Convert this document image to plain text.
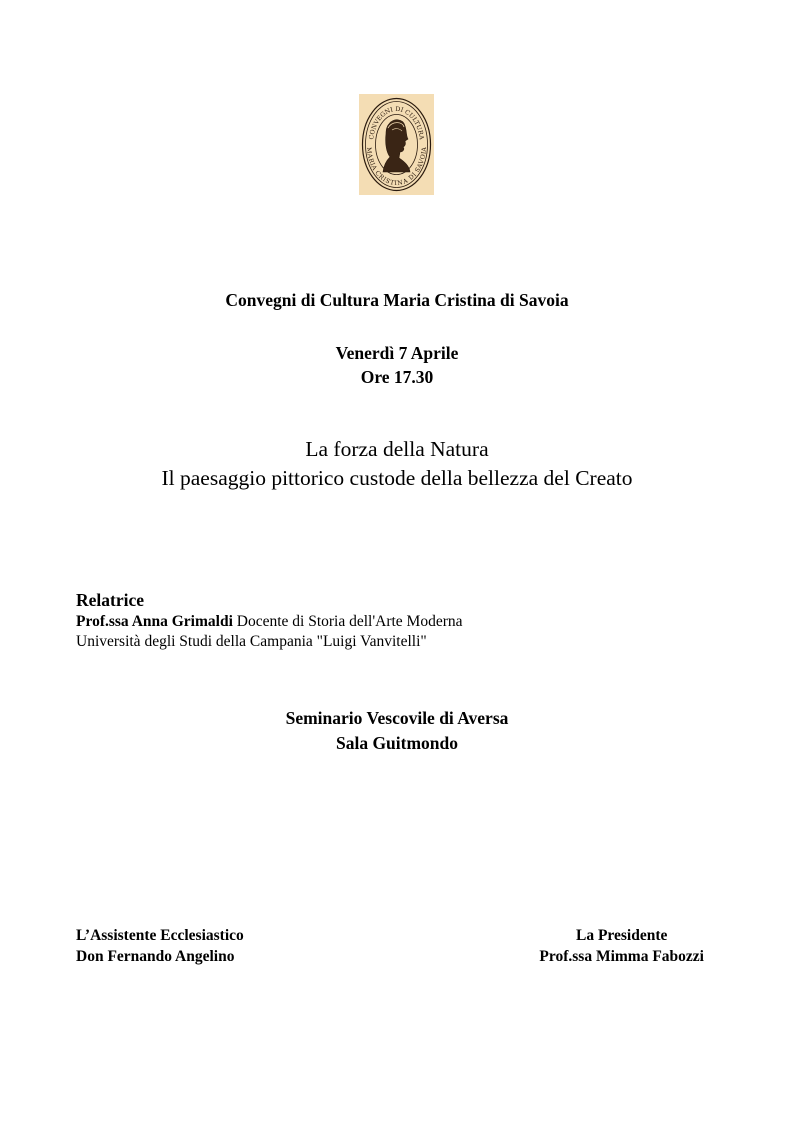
CONVEGNI DI CULTURA
MARIA CRISTINA DI SAVOIA
Convegni di Cultura Maria Cristina di Savoia
Venerdì 7 Aprile
Ore 17.30
La forza della Natura
Il paesaggio pittorico custode della bellezza del Creato
Relatrice
Prof.ssa Anna Grimaldi Docente di Storia dell'Arte Moderna
Università degli Studi della Campania "Luigi Vanvitelli"
Seminario Vescovile di Aversa
Sala Guitmondo
L’Assistente Ecclesiastico
Don Fernando Angelino
La Presidente
Prof.ssa Mimma Fabozzi
